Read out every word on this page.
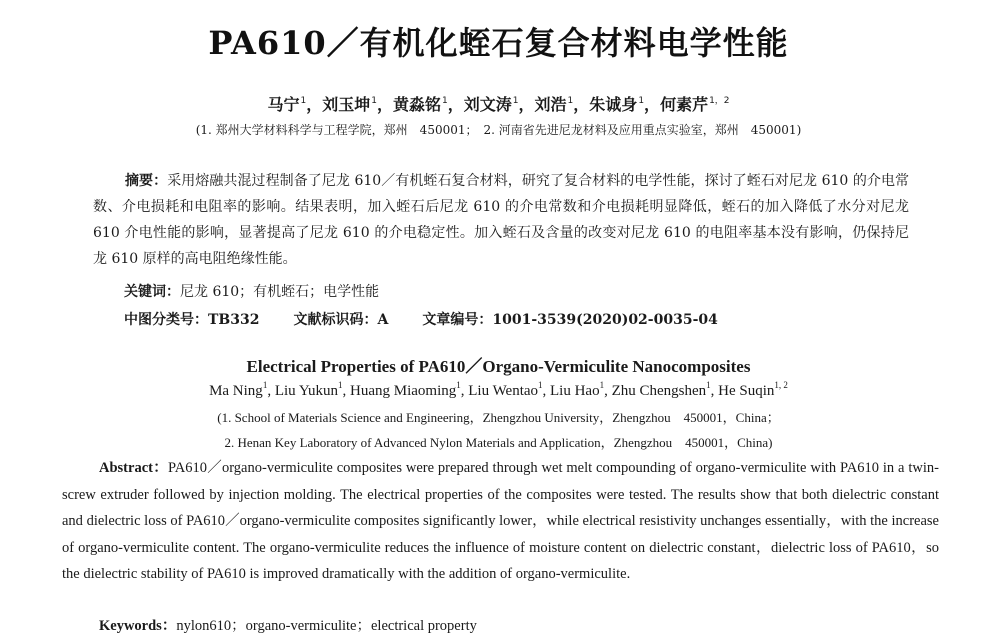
PA610／有机化蛭石复合材料电学性能
马宁$^1$，刘玉坤$^1$，黄淼铭$^1$，刘文涛$^1$，刘浩$^1$，朱诚身$^1$，何素芹$^{1,2}$
(1. 郑州大学材料科学与工程学院，郑州　450001；　2. 河南省先进尼龙材料及应用重点实验室，郑州　450001)
摘要：采用熔融共混过程制备了尼龙 610／有机蛭石复合材料，研究了复合材料的电学性能，探讨了蛭石对尼龙 610 的介电常数、介电损耗和电阻率的影响。结果表明，加入蛭石后尼龙 610 的介电常数和介电损耗明显降低，蛭石的加入降低了水分对尼龙 610 介电性能的影响，显著提高了尼龙 610 的介电稳定性。加入蛭石及含量的改变对尼龙 610 的电阻率基本没有影响，仍保持尼龙 610 原样的高电阻绝缘性能。
关键词：尼龙 610；有机蛭石；电学性能
中图分类号：TB332 文献标识码：A 文章编号：1001-3539(2020)02-0035-04
Electrical Properties of PA610／Organo-Vermiculite Nanocomposites
Ma Ning$^1$, Liu Yukun$^1$, Huang Miaoming$^1$, Liu Wentao$^1$, Liu Hao$^1$, Zhu Chengshen$^1$, He Suqin$^{1, 2}$
(1. School of Materials Science and Engineering，Zhengzhou University，Zhengzhou　450001，China；
2. Henan Key Laboratory of Advanced Nylon Materials and Application，Zhengzhou　450001，China)
Abstract：PA610／organo-vermiculite composites were prepared through wet melt compounding of organo-vermiculite with PA610 in a twin-screw extruder followed by injection molding. The electrical properties of the composites were tested. The results show that both dielectric constant and dielectric loss of PA610／organo-vermiculite composites significantly lower，while electrical resistivity unchanges essentially，with the increase of organo-vermiculite content. The organo-vermiculite reduces the influence of moisture content on dielectric constant，dielectric loss of PA610，so the dielectric stability of PA610 is improved dramatically with the addition of organo-vermiculite.
Keywords：nylon610；organo-vermiculite；electrical property
